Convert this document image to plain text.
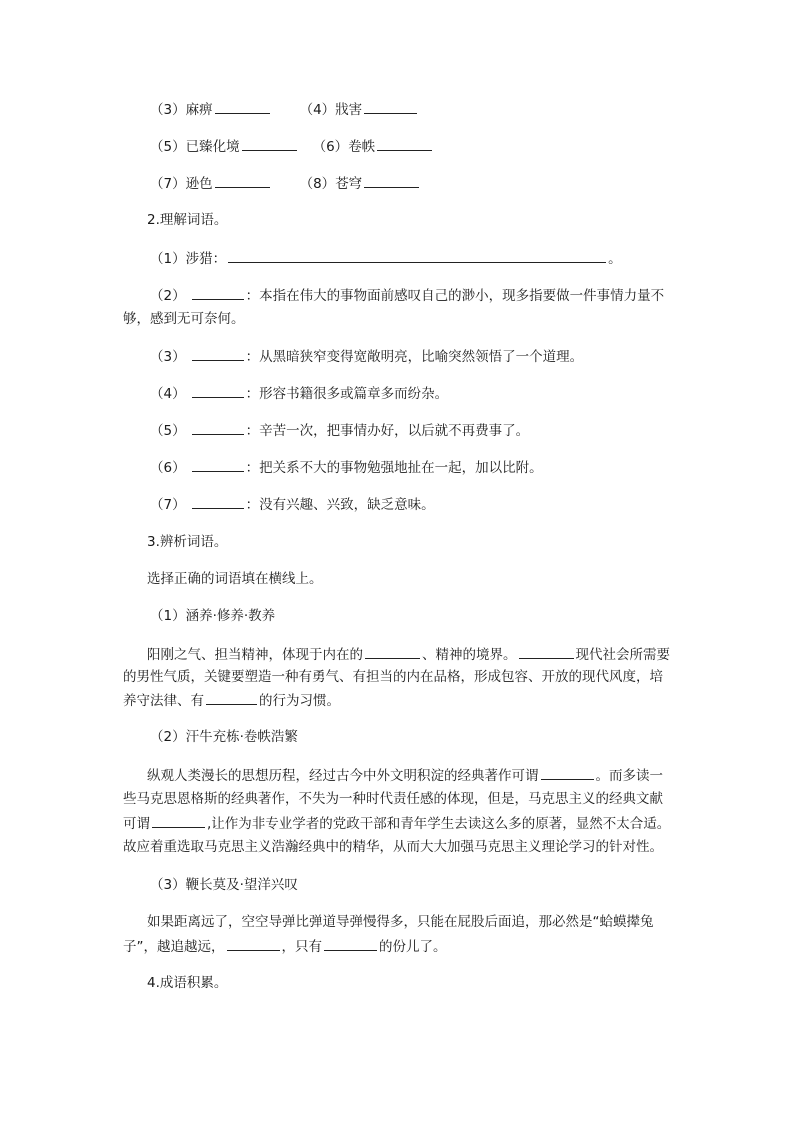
（3）麻痹	（4）戕害
（5）已臻化境	（6）卷帙
（7）逊色	（8）苍穹
2.理解词语。
（1）涉猎：	。
（2）	：本指在伟大的事物面前感叹自己的渺小，现多指要做一件事情力量不
够，感到无可奈何。
（3）	：从黑暗狭窄变得宽敞明亮，比喻突然领悟了一个道理。
（4）	：形容书籍很多或篇章多而纷杂。
（5）	：辛苦一次，把事情办好，以后就不再费事了。
（6）	：把关系不大的事物勉强地扯在一起，加以比附。
（7）	：没有兴趣、兴致，缺乏意味。
3.辨析词语。
选择正确的词语填在横线上。
（1）涵养·修养·教养
阳刚之气、担当精神，体现于内在的	、精神的境界。	现代社会所需要
的男性气质，关键要塑造一种有勇气、有担当的内在品格，形成包容、开放的现代风度，培
养守法律、有	的行为习惯。
（2）汗牛充栋·卷帙浩繁
纵观人类漫长的思想历程，经过古今中外文明积淀的经典著作可谓	。而多读一
些马克思恩格斯的经典著作，不失为一种时代责任感的体现，但是，马克思主义的经典文献
可谓	,让作为非专业学者的党政干部和青年学生去读这么多的原著，显然不太合适。
故应着重选取马克思主义浩瀚经典中的精华，从而大大加强马克思主义理论学习的针对性。
（3）鞭长莫及·望洋兴叹
如果距离远了，空空导弹比弹道导弹慢得多，只能在屁股后面追，那必然是“蛤蟆撵兔
子”，越追越远，	，只有	的份儿了。
4.成语积累。
